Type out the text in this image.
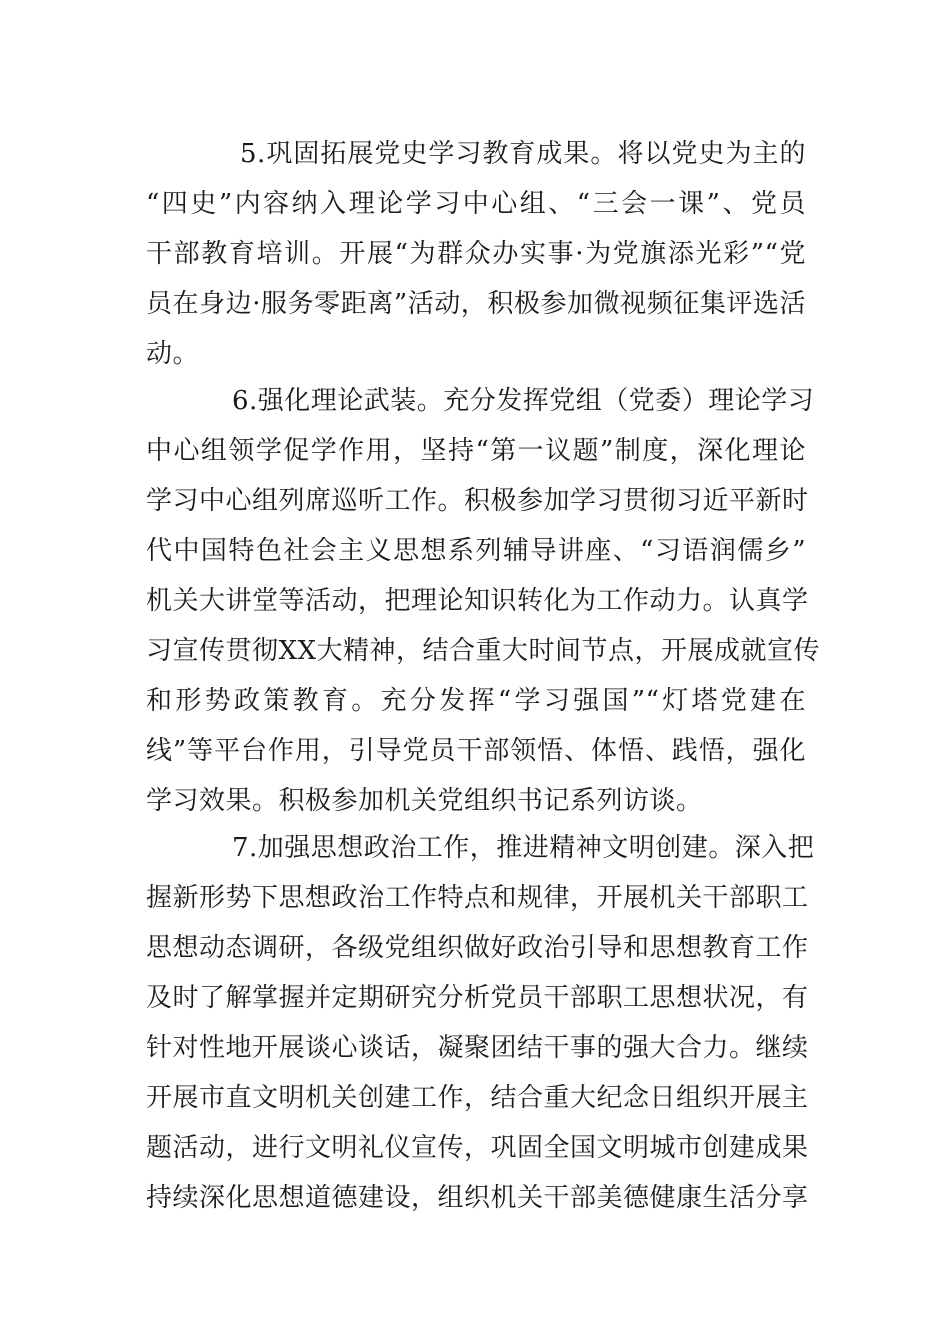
5.巩固拓展党史学习教育成果。将以党史为主的
“四史”内容纳入理论学习中心组、“三会一课”、党员
干部教育培训。开展“为群众办实事·为党旗添光彩”“党
员在身边·服务零距离”活动，积极参加微视频征集评选活
动。
6.强化理论武装。充分发挥党组（党委）理论学习
中心组领学促学作用，坚持“第一议题”制度，深化理论
学习中心组列席巡听工作。积极参加学习贯彻习近平新时
代中国特色社会主义思想系列辅导讲座、“习语润儒乡”
机关大讲堂等活动，把理论知识转化为工作动力。认真学
习宣传贯彻XX大精神，结合重大时间节点，开展成就宣传
和形势政策教育。充分发挥“学习强国”“灯塔党建在
线”等平台作用，引导党员干部领悟、体悟、践悟，强化
学习效果。积极参加机关党组织书记系列访谈。
7.加强思想政治工作，推进精神文明创建。深入把
握新形势下思想政治工作特点和规律，开展机关干部职工
思想动态调研，各级党组织做好政治引导和思想教育工作
及时了解掌握并定期研究分析党员干部职工思想状况，有
针对性地开展谈心谈话，凝聚团结干事的强大合力。继续
开展市直文明机关创建工作，结合重大纪念日组织开展主
题活动，进行文明礼仪宣传，巩固全国文明城市创建成果
持续深化思想道德建设，组织机关干部美德健康生活分享
